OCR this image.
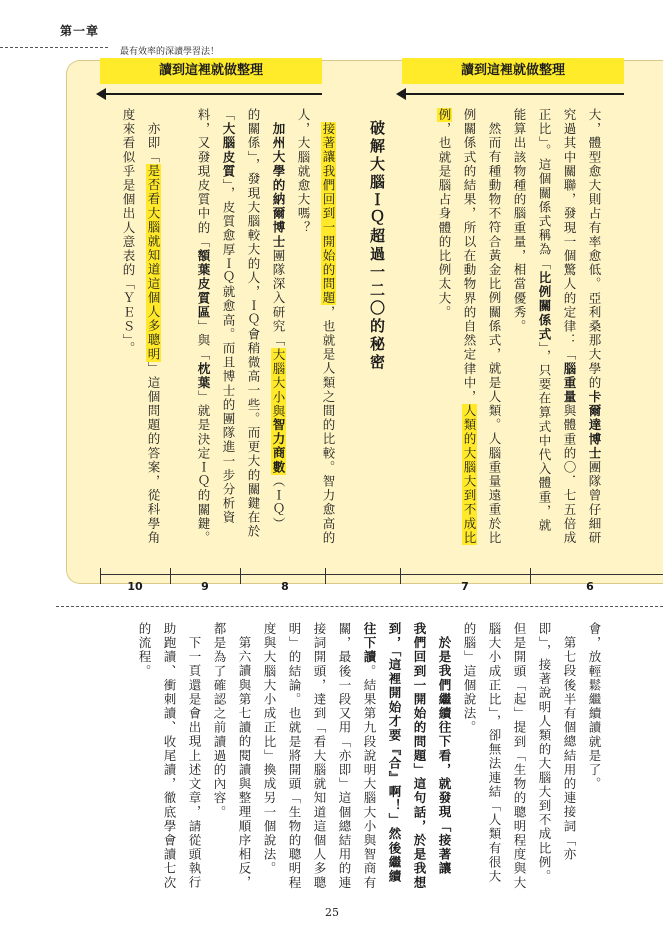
第一章
最有效率的深讀學習法！
讀到這裡就做整理	讀到這裡就做整理
大，體型愈大則占有率愈低。亞利桑那大學的卡爾達博士團隊曾仔細研
究過其中關聯，發現一個驚人的定律：「腦重量與體重的〇．七五倍成
正比」。這個關係式稱為「比例關係式」，只要在算式中代入體重，就
能算出該物種的腦重量，相當優秀。
然而有種動物不符合黃金比例關係式，就是人類。人腦重量遠重於比
例關係式的結果，所以在動物界的自然定律中，人類的大腦大到不成比
例，也就是腦占身體的比例太大。
破解大腦ＩＱ超過一二〇的秘密
接著讓我們回到一開始的問題，也就是人類之間的比較。智力愈高的
人，大腦就愈大嗎？
加州大學的納爾博士團隊深入研究「大腦大小與智力商數（ＩＱ）
的關係」，發現大腦較大的人，ＩＱ會稍微高一些。而更大的關鍵在於
「大腦皮質」，皮質愈厚ＩＱ就愈高。而且博士的團隊進一步分析資
料，又發現皮質中的「額葉皮質區」與「枕葉」就是決定ＩＱ的關鍵。
亦即「是否看大腦就知道這個人多聰明」這個問題的答案，從科學角
度來看似乎是個出人意表的「ＹＥＳ」。
10	9	8	7	6
會，放輕鬆繼續讀就是了。
第七段後半有個總結用的連接詞「亦
即」，接著說明人類的大腦大到不成比例。
但是開頭「起」提到「生物的聰明程度與大
腦大小成正比」，卻無法連結「人類有很大
的腦」這個說法。
於是我們繼續往下看，就發現「接著讓
我們回到一開始的問題」這句話，於是我想
到，「這裡開始才要『合』啊！」然後繼續
往下讀。結果第九段說明大腦大小與智商有
關，最後一段又用「亦即」這個總結用的連
接詞開頭，達到「看大腦就知道這個人多聰
明」的結論。也就是將開頭「生物的聰明程
度與大腦大小成正比」換成另一個說法。
第六讀與第七讀的閱讀與整理順序相反，
都是為了確認之前讀過的內容。
下一頁還是會出現上述文章，請從頭執行
助跑讀、衝刺讀、收尾讀，徹底學會讀七次
的流程。
25
